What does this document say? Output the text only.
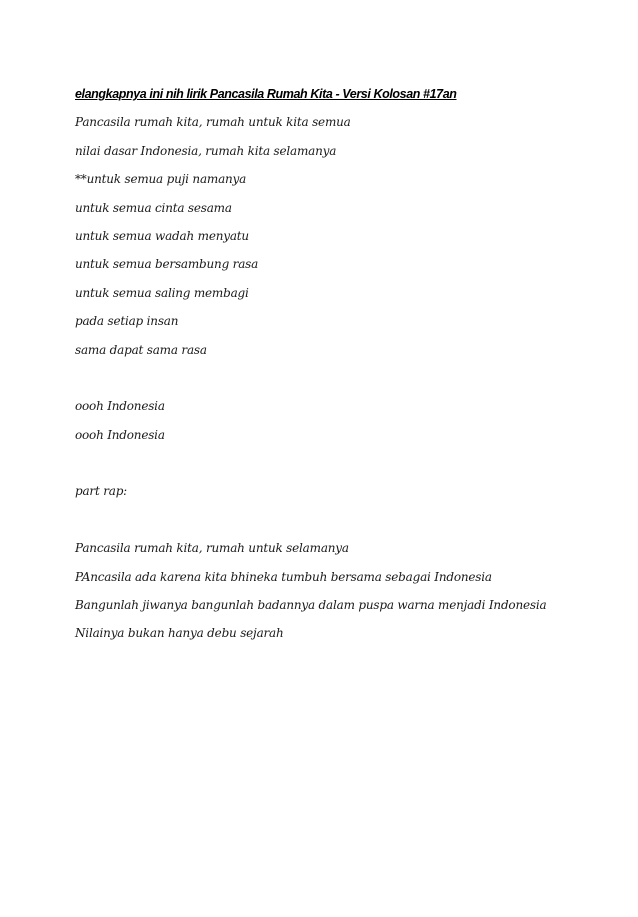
elangkapnya ini nih lirik Pancasila Rumah Kita - Versi Kolosan #17an
Pancasila rumah kita, rumah untuk kita semua
nilai dasar Indonesia, rumah kita selamanya
**untuk semua puji namanya
untuk semua cinta sesama
untuk semua wadah menyatu
untuk semua bersambung rasa
untuk semua saling membagi
pada setiap insan
sama dapat sama rasa
oooh Indonesia
oooh Indonesia
part rap:
Pancasila rumah kita, rumah untuk selamanya
PAncasila ada karena kita bhineka tumbuh bersama sebagai Indonesia
Bangunlah jiwanya bangunlah badannya dalam puspa warna menjadi Indonesia
Nilainya bukan hanya debu sejarah
